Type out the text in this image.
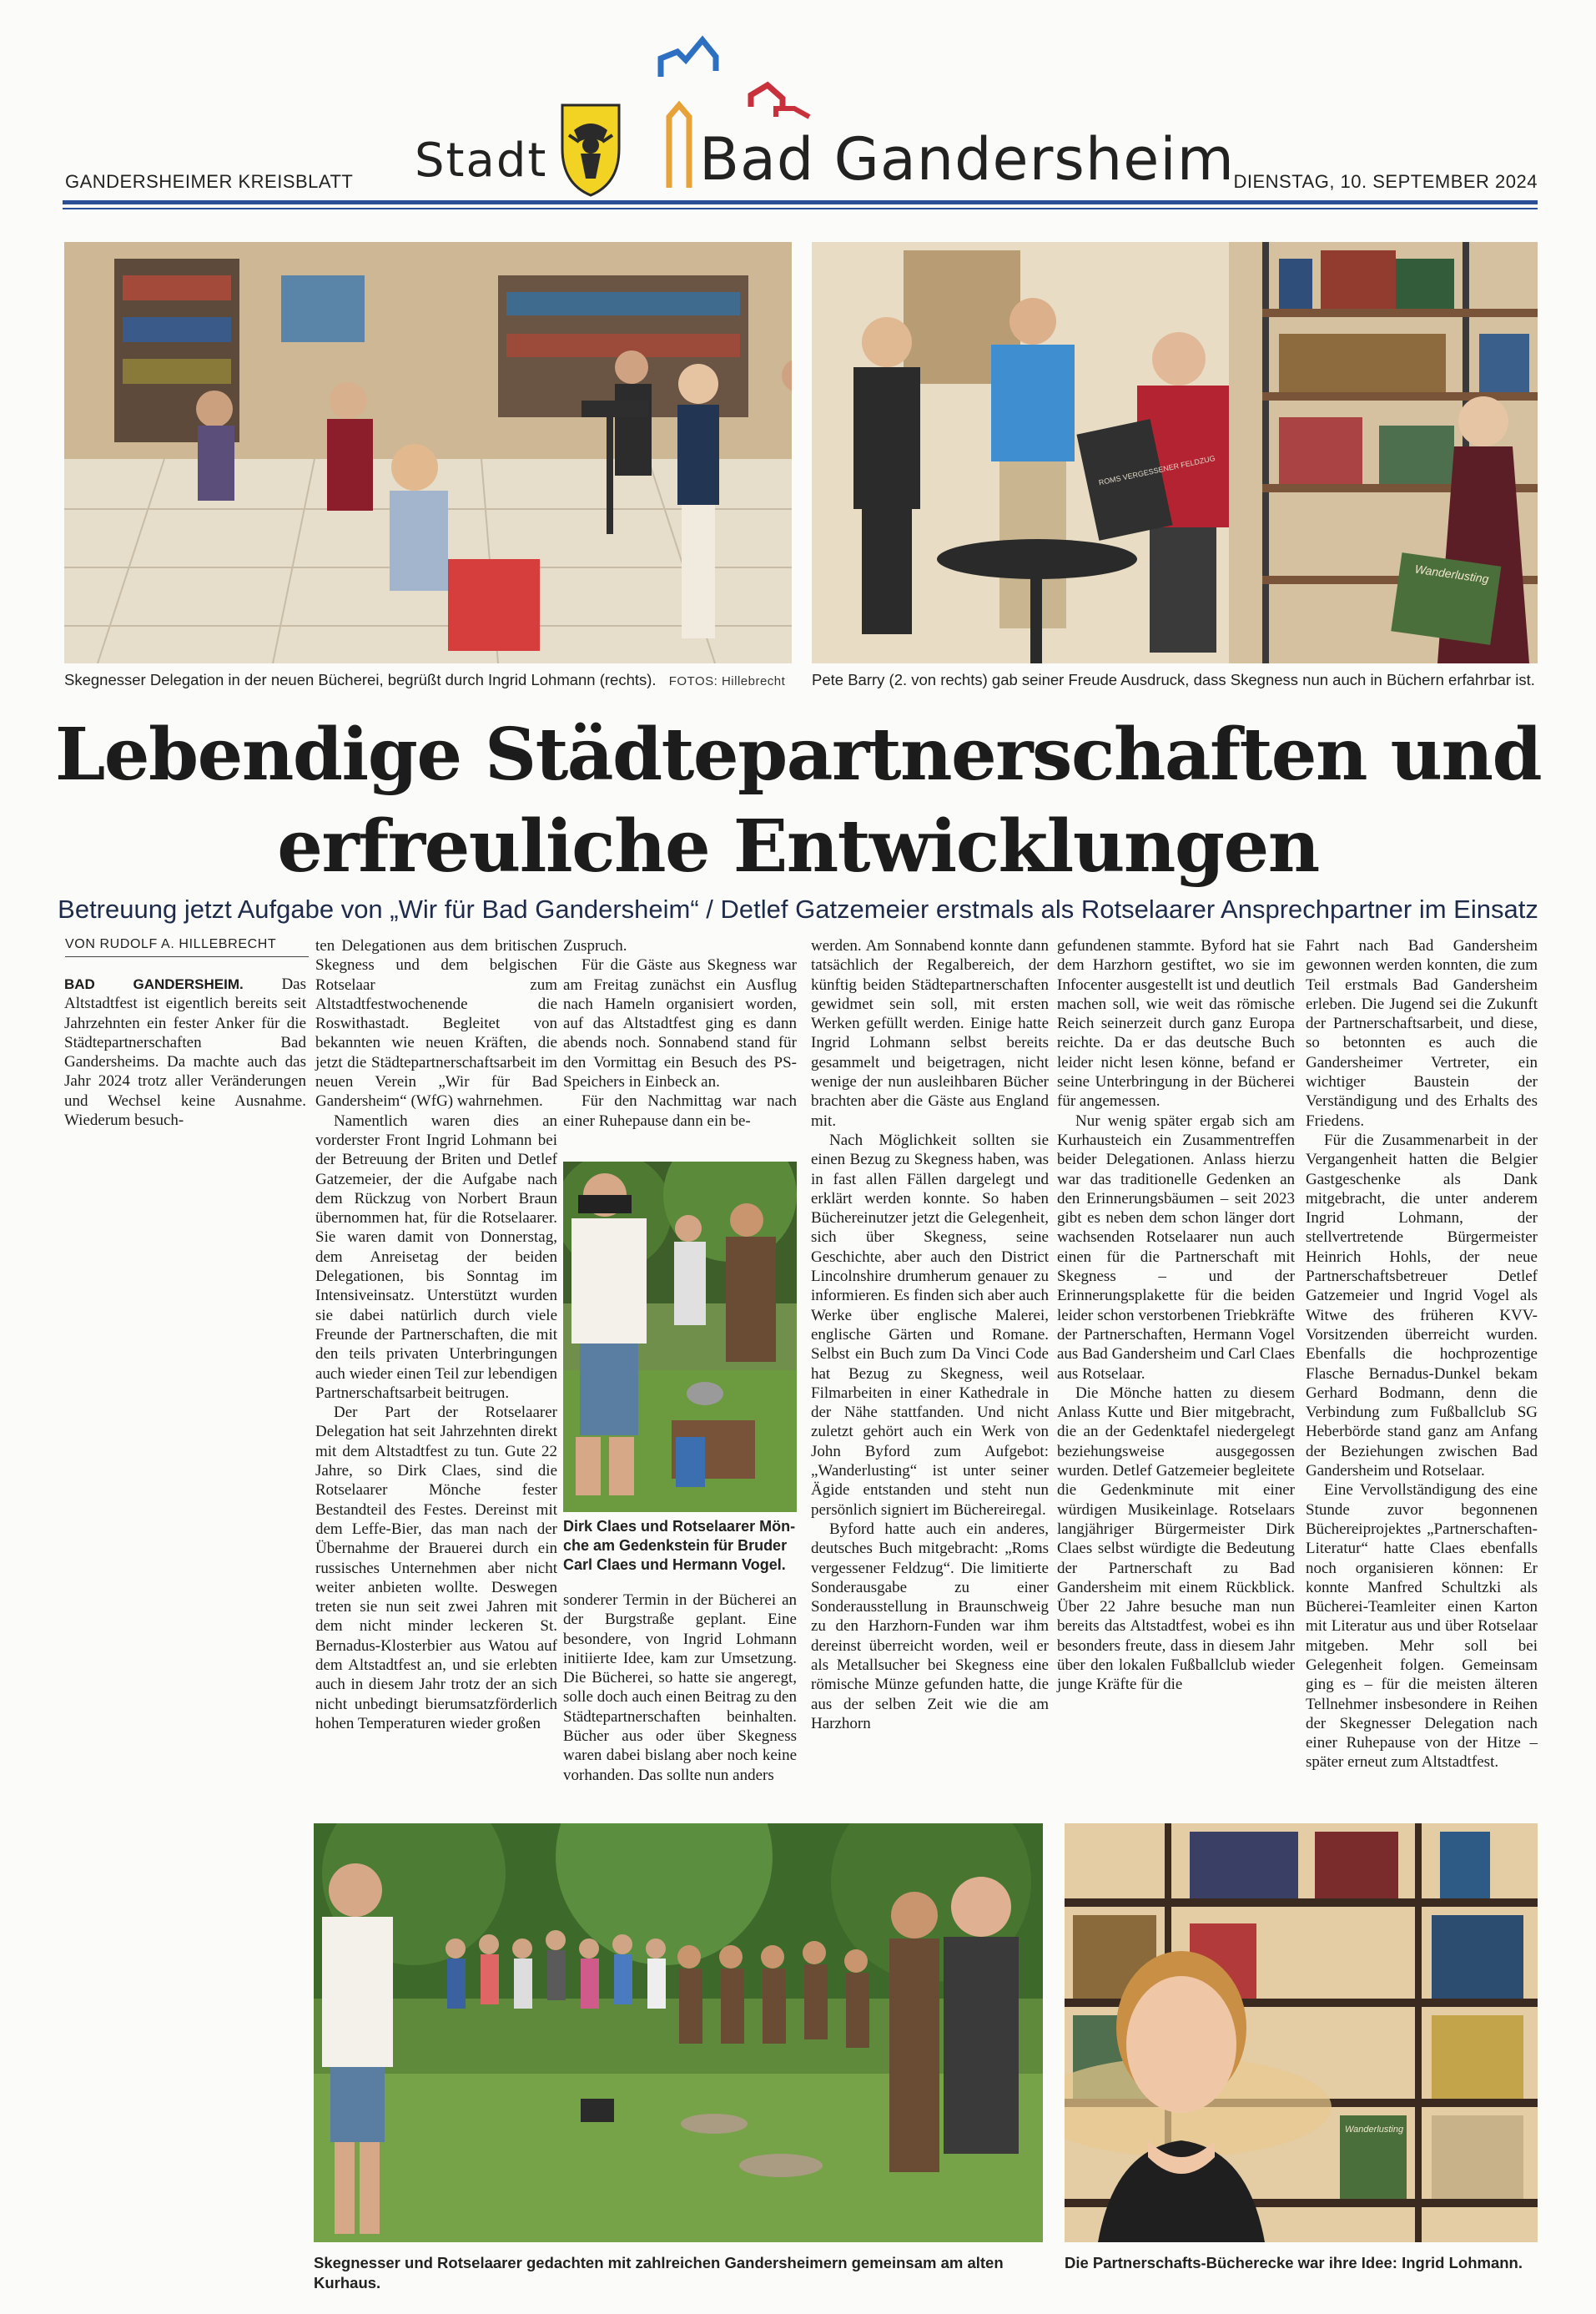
GANDERSHEIMER KREISBLATT	DIENSTAG, 10. SEPTEMBER 2024
Stadt	Bad Gandersheim
Skegnesser Delegation in der neuen Bücherei, begrüßt durch Ingrid Lohmann (rechts). FOTOS: Hillebrecht
ROMS VERGESSENER FELDZUG
Wanderlusting
Pete Barry (2. von rechts) gab seiner Freude Ausdruck, dass Skegness nun auch in Büchern erfahrbar ist.
Lebendige Städtepartnerschaften und
erfreuliche Entwicklungen
Betreuung jetzt Aufgabe von „Wir für Bad Gandersheim“ / Detlef Gatzemeier erstmals als Rotselaarer Ansprechpartner im Einsatz
VON RUDOLF A. HILLEBRECHT

BAD GANDERSHEIM. Das Altstadtfest ist eigentlich bereits seit Jahrzehnten ein fester Anker für die Städtepartnerschaften Bad Gandersheims. Da machte auch das Jahr 2024 trotz aller Veränderungen und Wechsel keine Ausnahme. Wiederum besuch-

ten Delegationen aus dem britischen Skegness und dem belgischen Rotselaar zum Altstadtfestwochenende die Roswithastadt. Begleitet von bekannten wie neuen Kräften, die jetzt die Städtepartnerschaftsarbeit im neuen Verein „Wir für Bad Gandersheim“ (WfG) wahrnehmen.

Namentlich waren dies an vorderster Front Ingrid Lohmann bei der Betreuung der Briten und Detlef Gatzemeier, der die Aufgabe nach dem Rückzug von Norbert Braun übernommen hat, für die Rotselaarer. Sie waren damit von Donnerstag, dem Anreisetag der beiden Delegationen, bis Sonntag im Intensiveinsatz. Unterstützt wurden sie dabei natürlich durch viele Freunde der Partnerschaften, die mit den teils privaten Unterbringungen auch wieder einen Teil zur lebendigen Partnerschaftsarbeit beitrugen.

Der Part der Rotselaarer Delegation hat seit Jahrzehnten direkt mit dem Altstadtfest zu tun. Gute 22 Jahre, so Dirk Claes, sind die Rotselaarer Mönche fester Bestandteil des Festes. Dereinst mit dem Leffe-Bier, das man nach der Übernahme der Brauerei durch ein russisches Unternehmen aber nicht weiter anbieten wollte. Deswegen treten sie nun seit zwei Jahren mit dem nicht minder leckeren St. Bernadus-Klosterbier aus Watou auf dem Altstadtfest an, und sie erlebten auch in diesem Jahr trotz der an sich nicht unbedingt bierumsatzförderlich hohen Temperaturen wieder großen

Zuspruch.

Für die Gäste aus Skegness war am Freitag zunächst ein Ausflug nach Hameln organisiert worden, auf das Altstadtfest ging es dann abends noch. Sonnabend stand für den Vormittag ein Besuch des PS-Speichers in Einbeck an.

Für den Nachmittag war nach einer Ruhepause dann ein be-

Dirk Claes und Rotselaarer Mön-
che am Gedenkstein für Bruder
Carl Claes und Hermann Vogel.

sonderer Termin in der Bücherei an der Burgstraße geplant. Eine besondere, von Ingrid Lohmann initiierte Idee, kam zur Umsetzung. Die Bücherei, so hatte sie angeregt, solle doch auch einen Beitrag zu den Städtepartnerschaften beinhalten. Bücher aus oder über Skegness waren dabei bislang aber noch keine vorhanden. Das sollte nun anders

werden. Am Sonnabend konnte dann tatsächlich der Regalbereich, der künftig beiden Städtepartnerschaften gewidmet sein soll, mit ersten Werken gefüllt werden. Einige hatte Ingrid Lohmann selbst bereits gesammelt und beigetragen, nicht wenige der nun ausleihbaren Bücher brachten aber die Gäste aus England mit.

Nach Möglichkeit sollten sie einen Bezug zu Skegness haben, was in fast allen Fällen dargelegt und erklärt werden konnte. So haben Büchereinutzer jetzt die Gelegenheit, sich über Skegness, seine Geschichte, aber auch den District Lincolnshire drumherum genauer zu informieren. Es finden sich aber auch Werke über englische Malerei, englische Gärten und Romane. Selbst ein Buch zum Da Vinci Code hat Bezug zu Skegness, weil Filmarbeiten in einer Kathedrale in der Nähe stattfanden. Und nicht zuletzt gehört auch ein Werk von John Byford zum Aufgebot: „Wanderlusting“ ist unter seiner Ägide entstanden und steht nun persönlich signiert im Büchereiregal.

Byford hatte auch ein anderes, deutsches Buch mitgebracht: „Roms vergessener Feldzug“. Die limitierte Sonderausgabe zu einer Sonderausstellung in Braunschweig zu den Harzhorn-Funden war ihm dereinst überreicht worden, weil er als Metallsucher bei Skegness eine römische Münze gefunden hatte, die aus der selben Zeit wie die am Harzhorn

gefundenen stammte. Byford hat sie dem Harzhorn gestiftet, wo sie im Infocenter ausgestellt ist und deutlich machen soll, wie weit das römische Reich seinerzeit durch ganz Europa reichte. Da er das deutsche Buch leider nicht lesen könne, befand er seine Unterbringung in der Bücherei für angemessen.

Nur wenig später ergab sich am Kurhausteich ein Zusammentreffen beider Delegationen. Anlass hierzu war das traditionelle Gedenken an den Erinnerungsbäumen – seit 2023 gibt es neben dem schon länger dort wachsenden Rotselaarer nun auch einen für die Partnerschaft mit Skegness – und der Erinnerungsplakette für die beiden leider schon verstorbenen Triebkräfte der Partnerschaften, Hermann Vogel aus Bad Gandersheim und Carl Claes aus Rotselaar.

Die Mönche hatten zu diesem Anlass Kutte und Bier mitgebracht, die an der Gedenktafel niedergelegt beziehungsweise ausgegossen wurden. Detlef Gatzemeier begleitete die Gedenkminute mit einer würdigen Musikeinlage. Rotselaars langjähriger Bürgermeister Dirk Claes selbst würdigte die Bedeutung der Partnerschaft zu Bad Gandersheim mit einem Rückblick. Über 22 Jahre besuche man nun bereits das Altstadtfest, wobei es ihn besonders freute, dass in diesem Jahr über den lokalen Fußballclub wieder junge Kräfte für die

Fahrt nach Bad Gandersheim gewonnen werden konnten, die zum Teil erstmals Bad Gandersheim erleben. Die Jugend sei die Zukunft der Partnerschaftsarbeit, und diese, so betonnten es auch die Gandersheimer Vertreter, ein wichtiger Baustein der Verständigung und des Erhalts des Friedens.

Für die Zusammenarbeit in der Vergangenheit hatten die Belgier Gastgeschenke als Dank mitgebracht, die unter anderem Ingrid Lohmann, der stellvertretende Bürgermeister Heinrich Hohls, der neue Partnerschaftsbetreuer Detlef Gatzemeier und Ingrid Vogel als Witwe des früheren KVV-Vorsitzenden überreicht wurden. Ebenfalls die hochprozentige Flasche Bernadus-Dunkel bekam Gerhard Bodmann, denn die Verbindung zum Fußballclub SG Heberbörde stand ganz am Anfang der Beziehungen zwischen Bad Gandersheim und Rotselaar.

Eine Vervollständigung des eine Stunde zuvor begonnenen Büchereiprojektes „Partnerschaften-Literatur“ hatte Claes ebenfalls noch organisieren können: Er konnte Manfred Schultzki als Bücherei-Teamleiter einen Karton mit Literatur aus und über Rotselaar mitgeben. Mehr soll bei Gelegenheit folgen. Gemeinsam ging es – für die meisten älteren Tellnehmer insbesondere in Reihen der Skegnesser Delegation nach einer Ruhepause von der Hitze – später erneut zum Altstadtfest.

Skegnesser und Rotselaarer gedachten mit zahlreichen Gandersheimern gemeinsam am alten Kurhaus.
Wanderlusting
Die Partnerschafts-Bücherecke war ihre Idee: Ingrid Lohmann.
